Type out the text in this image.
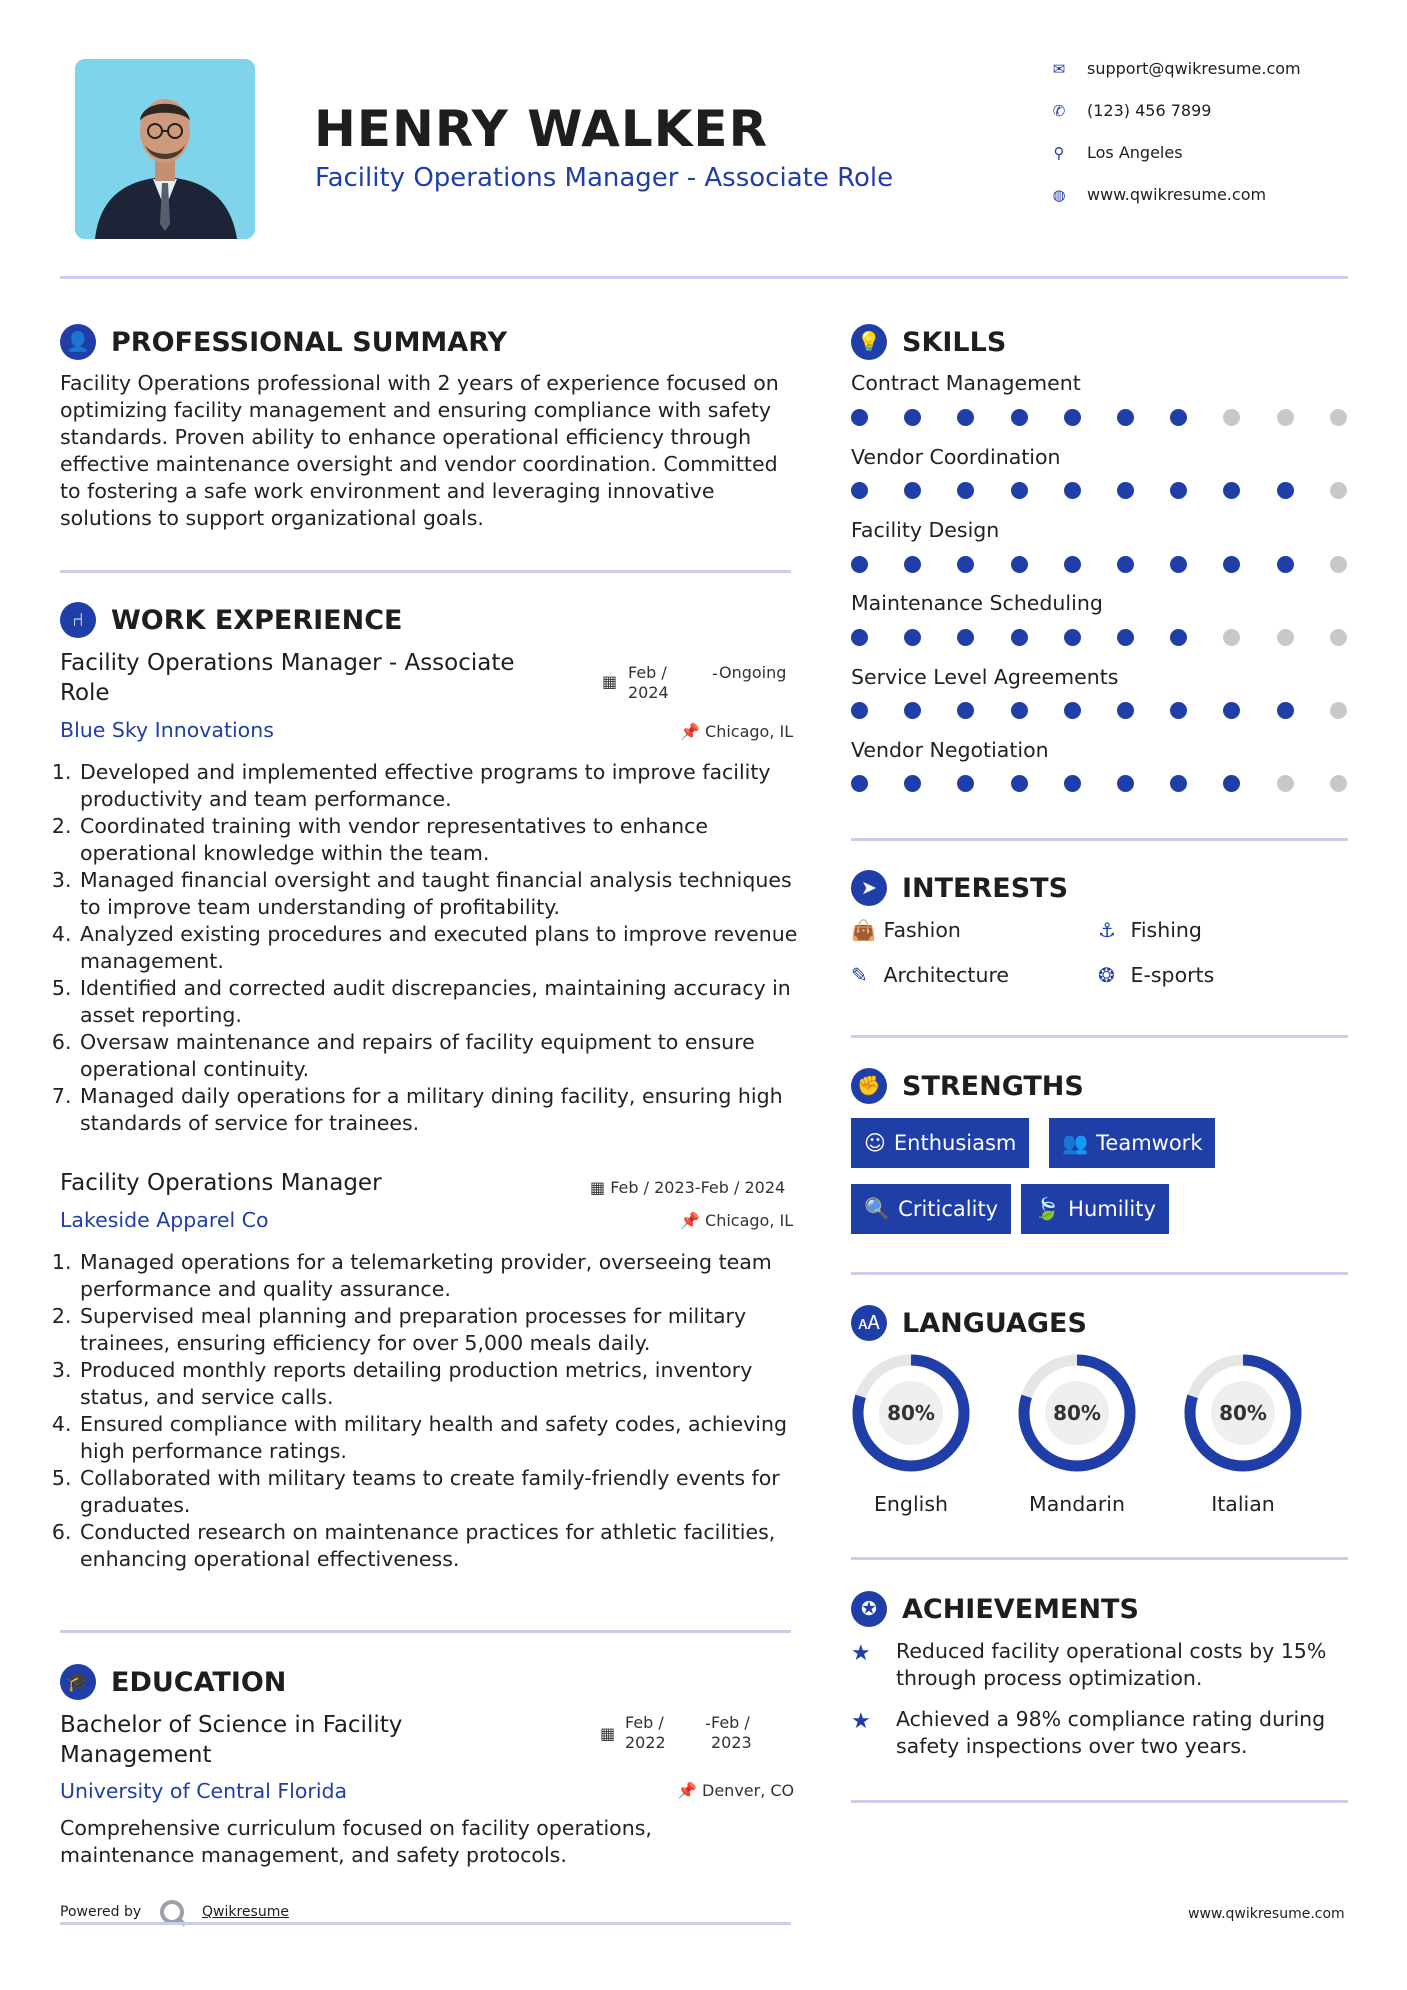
HENRY WALKER
Facility Operations Manager - Associate Role
✉ support@qwikresume.com
✆ (123) 456 7899
⚲ Los Angeles
◍ www.qwikresume.com
👤 PROFESSIONAL SUMMARY
Facility Operations professional with 2 years of experience focused on optimizing facility management and ensuring compliance with safety standards. Proven ability to enhance operational efficiency through effective maintenance oversight and vendor coordination. Committed to fostering a safe work environment and leveraging innovative solutions to support organizational goals.
⑁	WORK EXPERIENCE
Facility Operations Manager - Associate Role	▦ Feb / 2024
- Ongoing
Blue Sky Innovations	📌 Chicago, IL
1. Developed and implemented effective programs to improve facility productivity and team performance.
2. Coordinated training with vendor representatives to enhance operational knowledge within the team.
3. Managed financial oversight and taught financial analysis techniques to improve team understanding of profitability.
4. Analyzed existing procedures and executed plans to improve revenue management.
5. Identified and corrected audit discrepancies, maintaining accuracy in asset reporting.
6. Oversaw maintenance and repairs of facility equipment to ensure operational continuity.
7. Managed daily operations for a military dining facility, ensuring high standards of service for trainees.
Facility Operations Manager	▦ Feb / 2023-Feb / 2024
Lakeside Apparel Co	📌 Chicago, IL
1. Managed operations for a telemarketing provider, overseeing team performance and quality assurance.
2. Supervised meal planning and preparation processes for military trainees, ensuring efficiency for over 5,000 meals daily.
3. Produced monthly reports detailing production metrics, inventory status, and service calls.
4. Ensured compliance with military health and safety codes, achieving high performance ratings.
5. Collaborated with military teams to create family-friendly events for graduates.
6. Conducted research on maintenance practices for athletic facilities, enhancing operational effectiveness.
🎓 EDUCATION
Bachelor of Science in Facility Management
▦
Feb / 2022
- Feb / 2023
University of Central Florida	📌 Denver, CO
Comprehensive curriculum focused on facility operations, maintenance management, and safety protocols.
Powered by	Qwikresume	www.qwikresume.com
💡 SKILLS
Contract Management
Vendor Coordination
Facility Design
Maintenance Scheduling
Service Level Agreements
Vendor Negotiation
➤ INTERESTS
👜 Fashion	⚓ Fishing
✎ Architecture	❂ E-sports
✊ STRENGTHS
☺ Enthusiasm	👥 Teamwork
🔍 Criticality	🍃 Humility
🗚 LANGUAGES
80%
English
80%
Mandarin
80%
Italian
✪ ACHIEVEMENTS
★	Reduced facility operational costs by 15% through process optimization.
★	Achieved a 98% compliance rating during safety inspections over two years.
